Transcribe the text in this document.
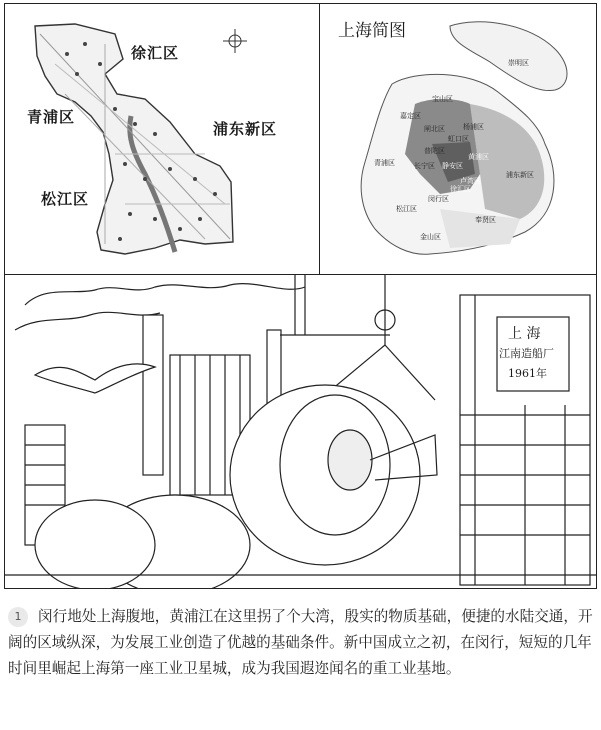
徐汇区
青浦区
浦东新区
松江区
上海简图
崇明区
宝山区
嘉定区
闸北区	杨浦区
虹口区
普陀区
黄浦区
长宁区 静安区
卢湾区
青浦区
徐汇区
浦东新区
闵行区
松江区
奉贤区
金山区
上 海
江南造船厂
1961年
1 闵行地处上海腹地，黄浦江在这里拐了个大湾，殷实的物质基础，便捷的水陆交通，开阔的区域纵深，为发展工业创造了优越的基础条件。新中国成立之初，在闵行，短短的几年时间里崛起上海第一座工业卫星城，成为我国遐迩闻名的重工业基地。
